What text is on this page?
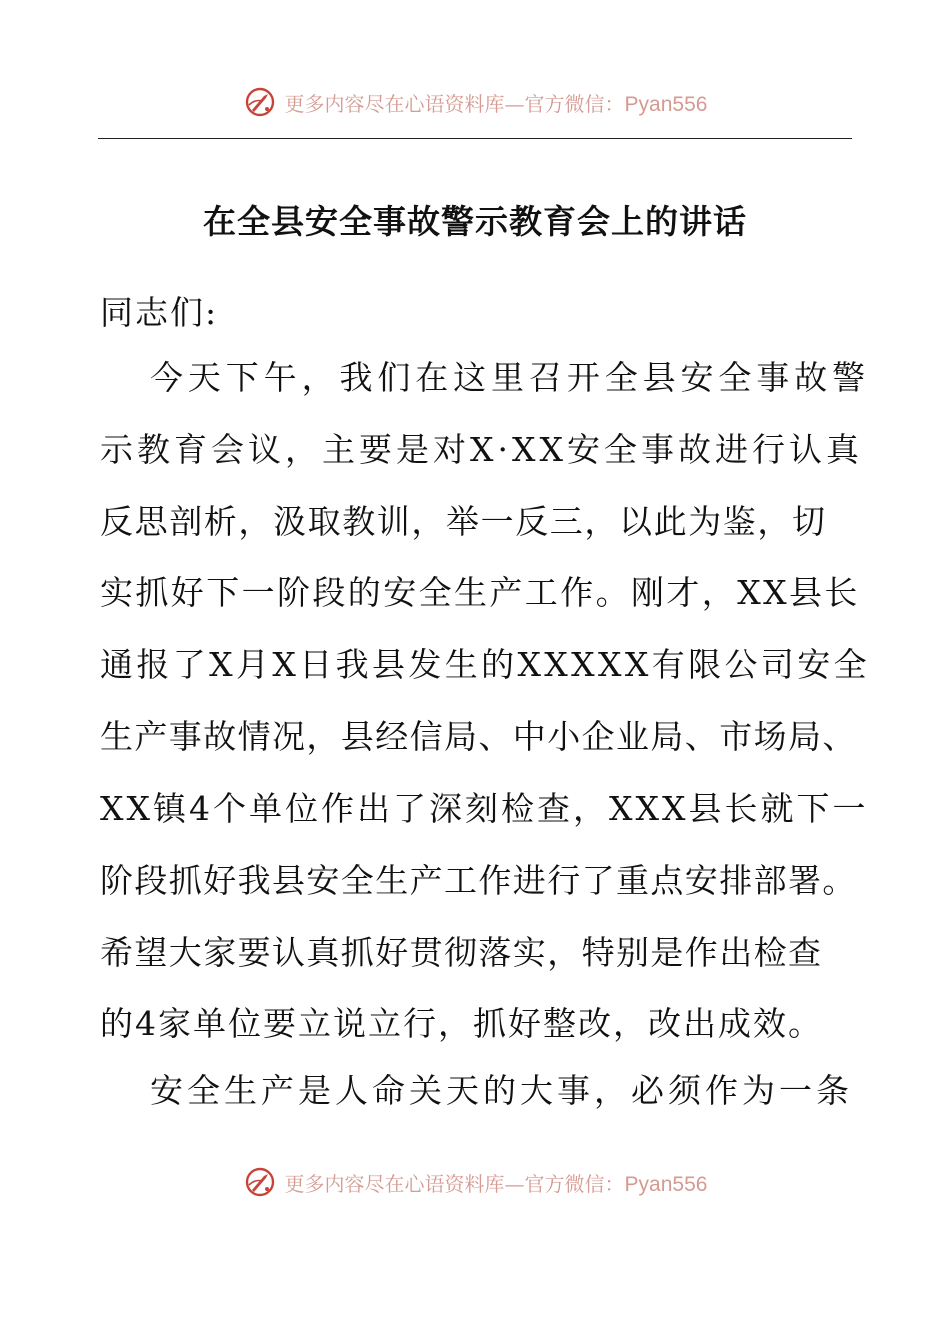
更多内容尽在心语资料库—官方微信：Pyan556
在全县安全事故警示教育会上的讲话
同志们:
今天下午，我们在这里召开全县安全事故警
示教育会议，主要是对X·XX安全事故进行认真
反思剖析，汲取教训，举一反三，以此为鉴，切
实抓好下一阶段的安全生产工作。刚才，XX县长
通报了X月X日我县发生的XXXXX有限公司安全
生产事故情况，县经信局、中小企业局、市场局、
XX镇4个单位作出了深刻检查，XXX县长就下一
阶段抓好我县安全生产工作进行了重点安排部署。
希望大家要认真抓好贯彻落实，特别是作出检查
的4家单位要立说立行，抓好整改，改出成效。
安全生产是人命关天的大事，必须作为一条
更多内容尽在心语资料库—官方微信：Pyan556
